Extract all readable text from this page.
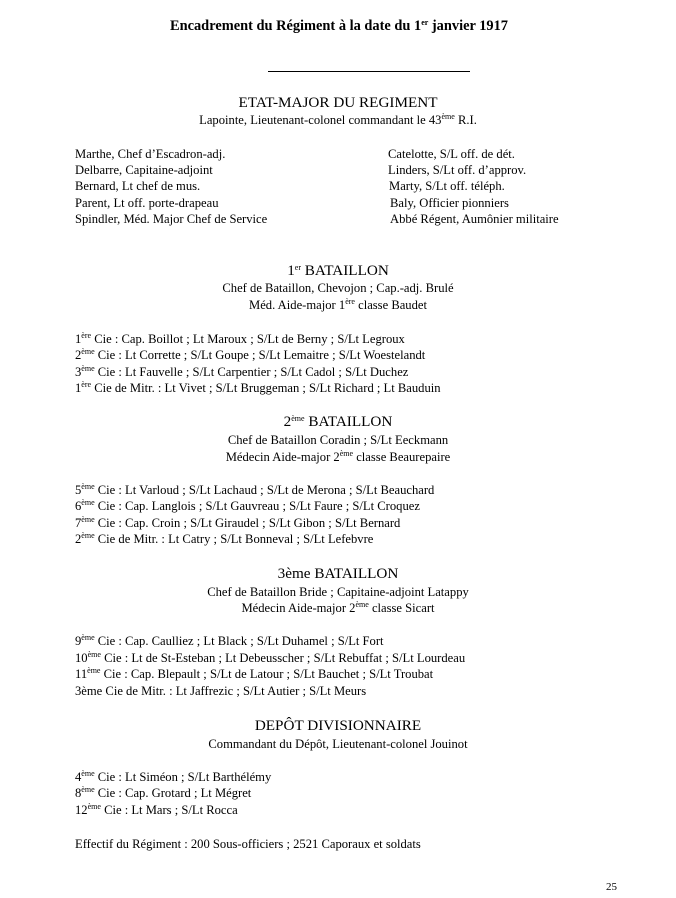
Encadrement du Régiment à la date du 1er janvier 1917
ETAT-MAJOR DU REGIMENT
Lapointe, Lieutenant-colonel commandant le 43ème R.I.
Marthe, Chef d’Escadron-adj.
Delbarre, Capitaine-adjoint
Bernard, Lt chef de mus.
Parent, Lt off. porte-drapeau
Spindler, Méd. Major Chef de Service
Catelotte, S/L off. de dét.
Linders, S/Lt off. d’approv.
Marty, S/Lt off. téléph.
Baly, Officier pionniers
Abbé Régent, Aumônier militaire
1er BATAILLON
Chef de Bataillon, Chevojon ; Cap.-adj. Brulé
Méd. Aide-major 1ère classe Baudet
1ère Cie : Cap. Boillot ; Lt Maroux ; S/Lt de Berny ; S/Lt Legroux
2ème Cie : Lt Corrette ; S/Lt Goupe ; S/Lt Lemaitre ; S/Lt Woestelandt
3ème Cie : Lt Fauvelle ; S/Lt Carpentier ; S/Lt Cadol ; S/Lt Duchez
1ère Cie de Mitr. : Lt Vivet ; S/Lt Bruggeman ; S/Lt Richard ; Lt Bauduin
2ème BATAILLON
Chef de Bataillon Coradin ; S/Lt Eeckmann
Médecin Aide-major 2ème classe Beaurepaire
5ème Cie : Lt Varloud ; S/Lt Lachaud ; S/Lt de Merona ; S/Lt Beauchard
6ème Cie : Cap. Langlois ; S/Lt Gauvreau ; S/Lt Faure ; S/Lt Croquez
7ème Cie : Cap. Croin ; S/Lt Giraudel ; S/Lt Gibon ; S/Lt Bernard
2ème Cie de Mitr. : Lt Catry ; S/Lt Bonneval ; S/Lt Lefebvre
3ème BATAILLON
Chef de Bataillon Bride ; Capitaine-adjoint Latappy
Médecin Aide-major 2ème classe Sicart
9ème Cie : Cap. Caulliez ; Lt Black ; S/Lt Duhamel ; S/Lt Fort
10ème Cie : Lt de St-Esteban ; Lt Debeusscher ; S/Lt Rebuffat ; S/Lt Lourdeau
11ème Cie : Cap. Blepault ; S/Lt de Latour ; S/Lt Bauchet ; S/Lt Troubat
3ème Cie de Mitr. : Lt Jaffrezic ; S/Lt Autier ; S/Lt Meurs
DEPÔT DIVISIONNAIRE
Commandant du Dépôt, Lieutenant-colonel Jouinot
4ème Cie : Lt Siméon ; S/Lt Barthélémy
8ème Cie : Cap. Grotard ; Lt Mégret
12ème Cie : Lt Mars ; S/Lt Rocca
Effectif du Régiment : 200 Sous-officiers ; 2521 Caporaux et soldats
25
